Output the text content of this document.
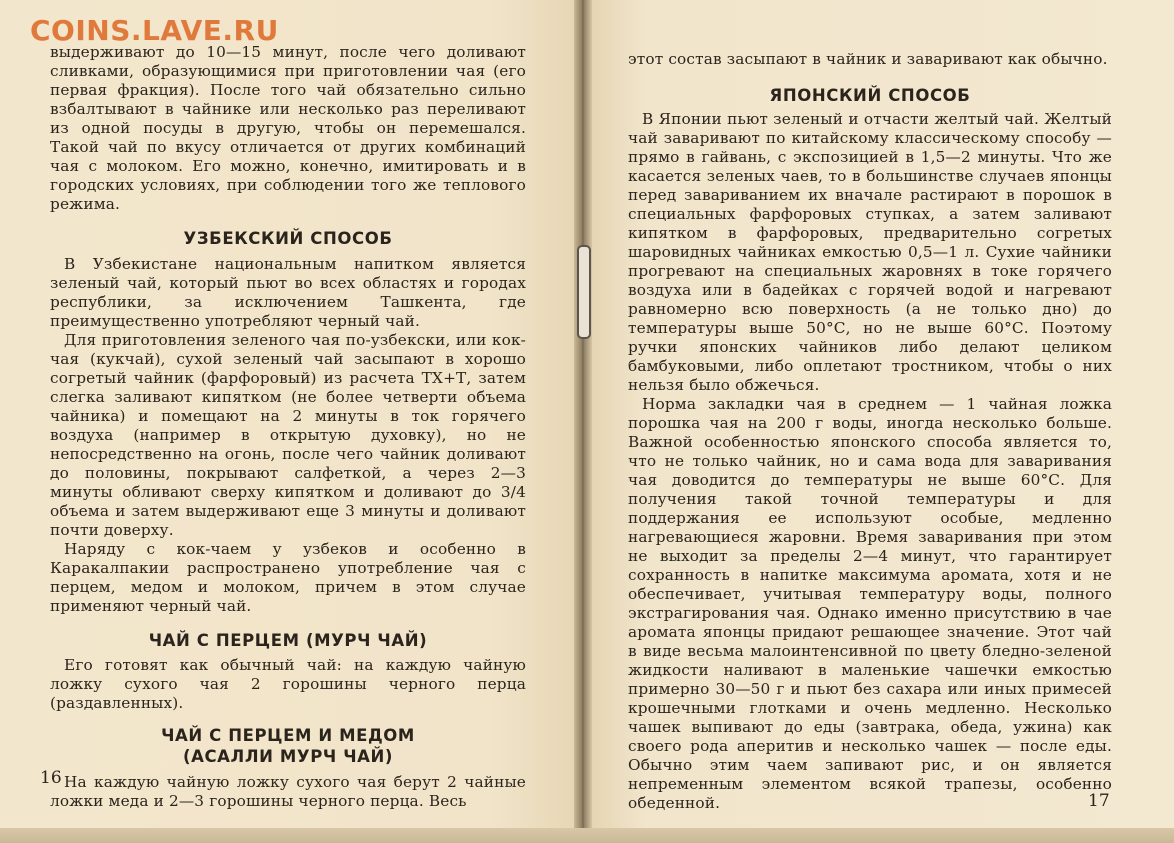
COINS.LAVE.RU

выдерживают до 10—15 минут, после чего доливают сливками, образующимися при приготовлении чая (его первая фракция). После того чай обязательно сильно взбалтывают в чайнике или несколько раз переливают из одной посуды в другую, чтобы он перемешался. Такой чай по вкусу отличается от других комбинаций чая с молоком. Его можно, конечно, имитировать и в городских условиях, при соблюдении того же теплового режима.

УЗБЕКСКИЙ СПОСОБ

В Узбекистане национальным напитком является зеленый чай, который пьют во всех областях и городах республики, за исключением Ташкента, где преимущественно употребляют черный чай.

Для приготовления зеленого чая по-узбекски, или кок-чая (кукчай), сухой зеленый чай засыпают в хорошо согретый чайник (фарфоровый) из расчета ТХ+Т, затем слегка заливают кипятком (не более четверти объема чайника) и помещают на 2 минуты в ток горячего воздуха (например в открытую духовку), но не непосредственно на огонь, после чего чайник доливают до половины, покрывают салфеткой, а через 2—3 минуты обливают сверху кипятком и доливают до 3/4 объема и затем выдерживают еще 3 минуты и доливают почти доверху.

Наряду с кок-чаем у узбеков и особенно в Каракалпакии распространено употребление чая с перцем, медом и молоком, причем в этом случае применяют черный чай.

ЧАЙ С ПЕРЦЕМ (МУРЧ ЧАЙ)

Его готовят как обычный чай: на каждую чайную ложку сухого чая 2 горошины черного перца (раздавленных).

ЧАЙ С ПЕРЦЕМ И МЕДОМ
(АСАЛЛИ МУРЧ ЧАЙ)

На каждую чайную ложку сухого чая берут 2 чайные ложки меда и 2—3 горошины черного перца. Весь

16

этот состав засыпают в чайник и заваривают как обычно.

ЯПОНСКИЙ СПОСОБ

В Японии пьют зеленый и отчасти желтый чай. Желтый чай заваривают по китайскому классическому способу — прямо в гайвань, с экспозицией в 1,5—2 минуты. Что же касается зеленых чаев, то в большинстве случаев японцы перед завариванием их вначале растирают в порошок в специальных фарфоровых ступках, а затем заливают кипятком в фарфоровых, предварительно согретых шаровидных чайниках емкостью 0,5—1 л. Сухие чайники прогревают на специальных жаровнях в токе горячего воздуха или в бадейках с горячей водой и нагревают равномерно всю поверхность (а не только дно) до температуры выше 50°С, но не выше 60°С. Поэтому ручки японских чайников либо делают целиком бамбуковыми, либо оплетают тростником, чтобы о них нельзя было обжечься.

Норма закладки чая в среднем — 1 чайная ложка порошка чая на 200 г воды, иногда несколько больше. Важной особенностью японского способа является то, что не только чайник, но и сама вода для заваривания чая доводится до температуры не выше 60°С. Для получения такой точной температуры и для поддержания ее используют особые, медленно нагревающиеся жаровни. Время заваривания при этом не выходит за пределы 2—4 минут, что гарантирует сохранность в напитке максимума аромата, хотя и не обеспечивает, учитывая температуру воды, полного экстрагирования чая. Однако именно присутствию в чае аромата японцы придают решающее значение. Этот чай в виде весьма малоинтенсивной по цвету бледно-зеленой жидкости наливают в маленькие чашечки емкостью примерно 30—50 г и пьют без сахара или иных примесей крошечными глотками и очень медленно. Несколько чашек выпивают до еды (завтрака, обеда, ужина) как своего рода аперитив и несколько чашек — после еды. Обычно этим чаем запивают рис, и он является непременным элементом всякой трапезы, особенно обеденной.	17
